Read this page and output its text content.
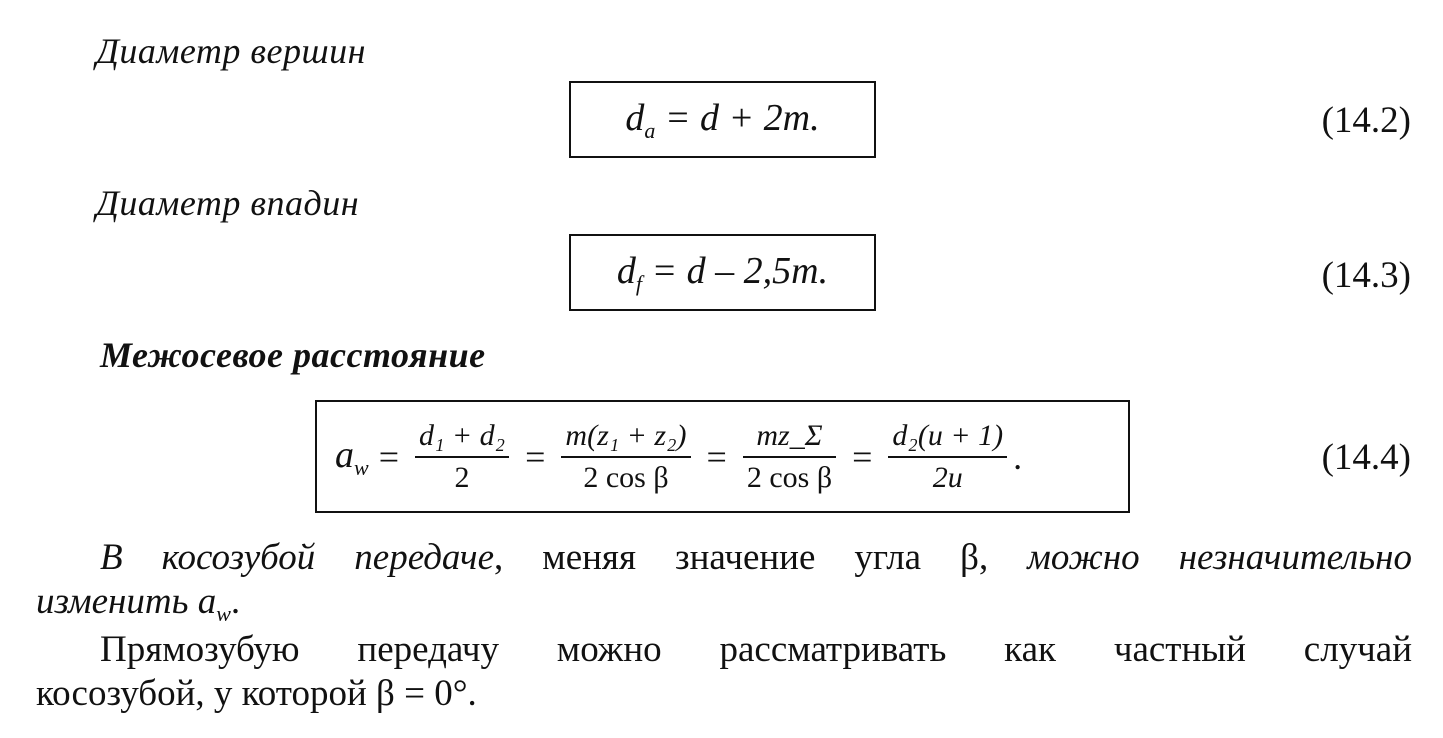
Диаметр вершин
Диаметр впадин
Межосевое расстояние
$d_a = d + 2m$.	(14.2)
$d_f = d - 2,5m$.	(14.3)
$a_w = \frac{\text{d₁ + d₂}}{2} = \frac{\text{m(z₁ + z₂)}}{\text{2 cos β}} = \frac{mz\_\Sigma}{\text{2 cos β}} = \frac{\text{d₂(u + 1)}}{2u}$ .	(14.4)
В косозубой передаче, меняя значение угла β, можно незначительно
изменить $a_w$.
Прямозубую передачу можно рассматривать как частный случай
косозубой, у которой β = 0°.
